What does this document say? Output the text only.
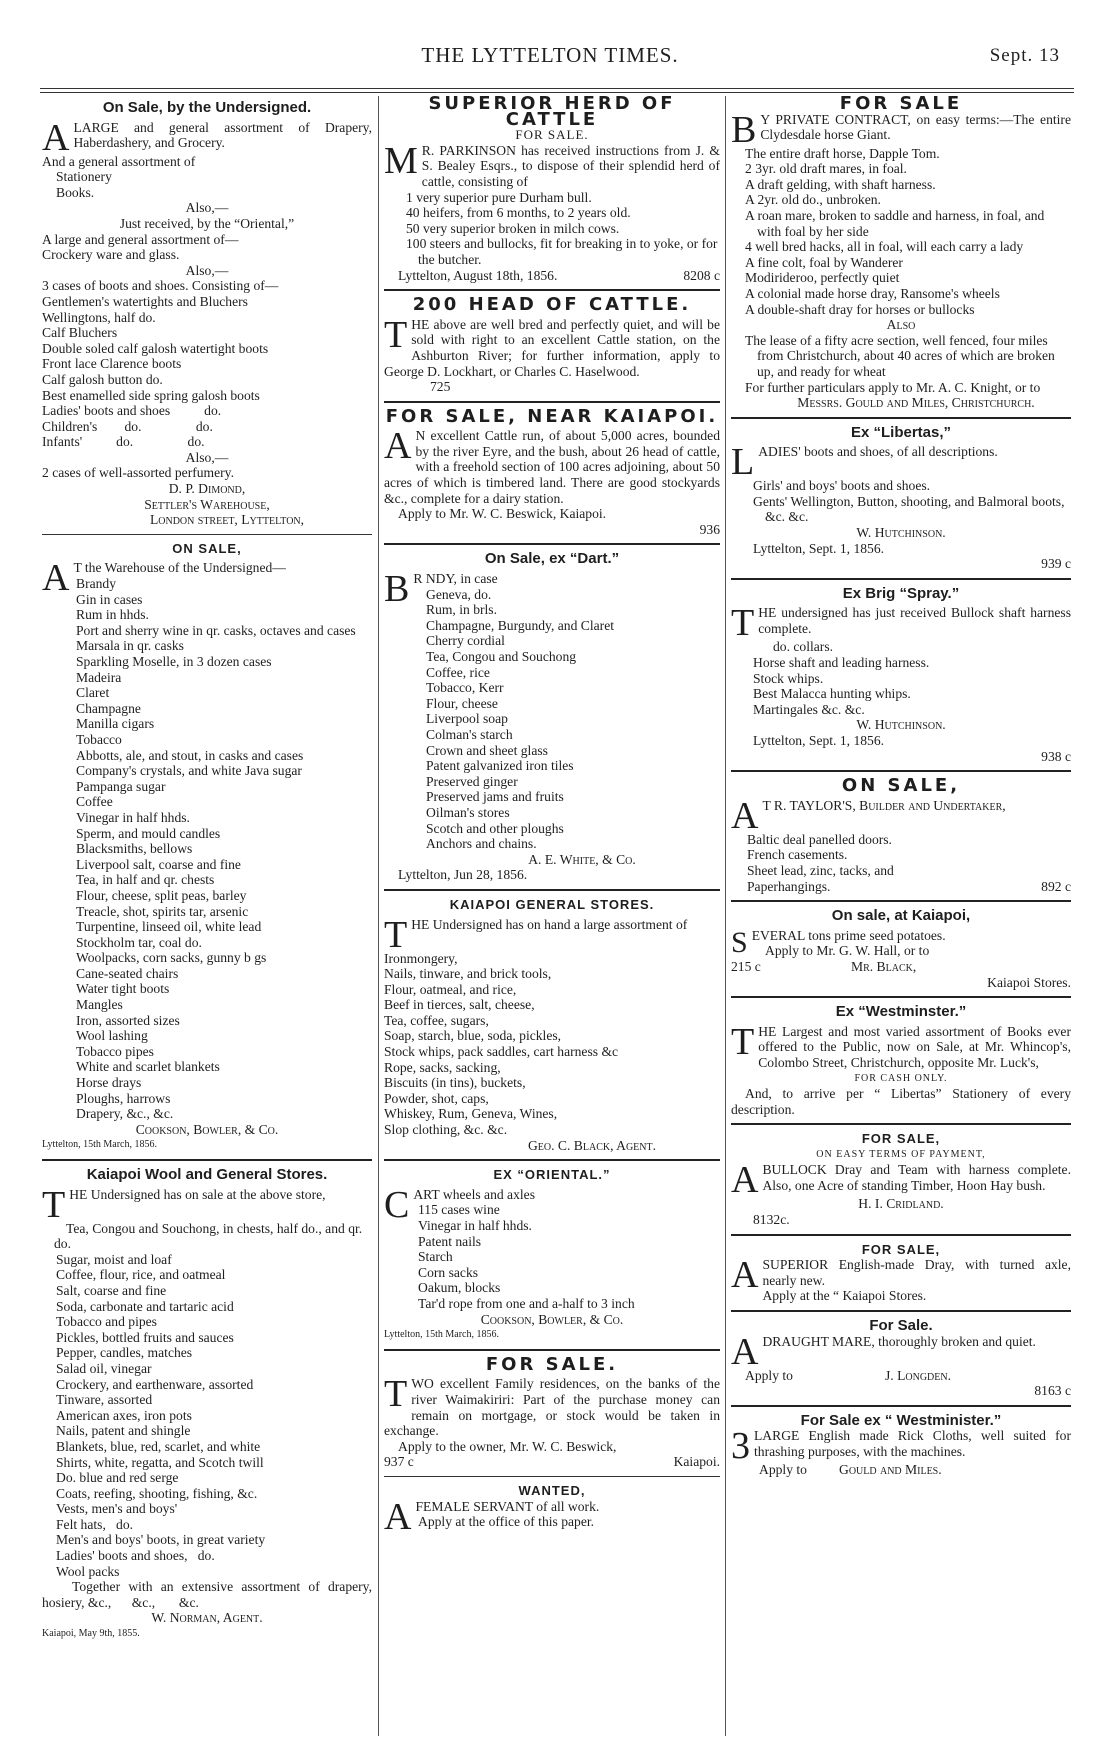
THE LYTTELTON TIMES.	Sept. 13
On Sale, by the Undersigned.
ALARGE and general assortment of Drapery, Haberdashery, and Grocery.
And a general assortment of
Stationery
Books.
Also,—
Just received, by the “Oriental,”
A large and general assortment of—
Crockery ware and glass.
Also,—
3 cases of boots and shoes. Consisting of—
Gentlemen's watertights and Bluchers
Wellingtons, half do.
Calf Bluchers
Double soled calf galosh watertight boots
Front lace Clarence boots
Calf galosh button do.
Best enamelled side spring galosh boots
Ladies' boots and shoes          do.
Children's        do.                do.
Infants'          do.                do.
Also,—
2 cases of well-assorted perfumery.
D. P. Dimond,
Settler's Warehouse,
London street, Lyttelton,
ON SALE,
A T the Warehouse of the Undersigned—
Brandy
Gin in cases
Rum in hhds.
Port and sherry wine in qr. casks, octaves and cases
Marsala in qr. casks
Sparkling Moselle, in 3 dozen cases
Madeira
Claret
Champagne
Manilla cigars
Tobacco
Abbotts, ale, and stout, in casks and cases
Company's crystals, and white Java sugar
Pampanga sugar
Coffee
Vinegar in half hhds.
Sperm, and mould candles
Blacksmiths, bellows
Liverpool salt, coarse and fine
Tea, in half and qr. chests
Flour, cheese, split peas, barley
Treacle, shot, spirits tar, arsenic
Turpentine, linseed oil, white lead
Stockholm tar, coal do.
Woolpacks, corn sacks, gunny b gs
Cane-seated chairs
Water tight boots
Mangles
Iron, assorted sizes
Wool lashing
Tobacco pipes
White and scarlet blankets
Horse drays
Ploughs, harrows
Drapery, &c., &c.
Cookson, Bowler, & Co.
Lyttelton, 15th March, 1856.
Kaiapoi Wool and General Stores.
THE Undersigned has on sale at the above store,
Tea, Congou and Souchong, in chests, half do., and qr. do.
Sugar, moist and loaf
Coffee, flour, rice, and oatmeal
Salt, coarse and fine
Soda, carbonate and tartaric acid
Tobacco and pipes
Pickles, bottled fruits and sauces
Pepper, candles, matches
Salad oil, vinegar
Crockery, and earthenware, assorted
Tinware, assorted
American axes, iron pots
Nails, patent and shingle
Blankets, blue, red, scarlet, and white
Shirts, white, regatta, and Scotch twill
Do. blue and red serge
Coats, reefing, shooting, fishing, &c.
Vests, men's and boys'
Felt hats,   do.
Men's and boys' boots, in great variety
Ladies' boots and shoes,   do.
Wool packs
Together with an extensive assortment of drapery, hosiery, &c.,      &c.,       &c.
W. Norman, Agent.
Kaiapoi, May 9th, 1855.
SUPERIOR HERD OF CATTLE
FOR SALE.
M R. PARKINSON has received instructions from J. & S. Bealey Esqrs., to dispose of their splendid herd of cattle, consisting of
1 very superior pure Durham bull.
40 heifers, from 6 months, to 2 years old.
50 very superior broken in milch cows.
100 steers and bullocks, fit for breaking in to yoke, or for the butcher.
Lyttelton, August 18th, 1856.	8208 c
200 HEAD OF CATTLE.
THE above are well bred and perfectly quiet, and will be sold with right to an excellent Cattle station, on the Ashburton River; for further information, apply to George D. Lockhart, or Charles C. Haselwood.
725
FOR SALE, NEAR KAIAPOI.
A N excellent Cattle run, of about 5,000 acres, bounded by the river Eyre, and the bush, about 26 head of cattle, with a freehold section of 100 acres adjoining, about 50 acres of which is timbered land. There are good stockyards &c., complete for a dairy station.
Apply to Mr. W. C. Beswick, Kaiapoi.
936
On Sale, ex “Dart.”
B R NDY, in case
Geneva, do.
Rum, in brls.
Champagne, Burgundy, and Claret
Cherry cordial
Tea, Congou and Souchong
Coffee, rice
Tobacco, Kerr
Flour, cheese
Liverpool soap
Colman's starch
Crown and sheet glass
Patent galvanized iron tiles
Preserved ginger
Preserved jams and fruits
Oilman's stores
Scotch and other ploughs
Anchors and chains.
A. E. White, & Co.
Lyttelton, Jun 28, 1856.
KAIAPOI GENERAL STORES.
THE Undersigned has on hand a large assortment of
Ironmongery,
Nails, tinware, and brick tools,
Flour, oatmeal, and rice,
Beef in tierces, salt, cheese,
Tea, coffee, sugars,
Soap, starch, blue, soda, pickles,
Stock whips, pack saddles, cart harness &c
Rope, sacks, sacking,
Biscuits (in tins), buckets,
Powder, shot, caps,
Whiskey, Rum, Geneva, Wines,
Slop clothing, &c. &c.
Geo. C. Black, Agent.
EX “ORIENTAL.”
CART wheels and axles
115 cases wine
Vinegar in half hhds.
Patent nails
Starch
Corn sacks
Oakum, blocks
Tar'd rope from one and a-half to 3 inch
Cookson, Bowler, & Co.
Lyttelton, 15th March, 1856.
FOR SALE.
TWO excellent Family residences, on the banks of the river Waimakiriri: Part of the purchase money can remain on mortgage, or stock would be taken in exchange.
Apply to the owner, Mr. W. C. Beswick,
937 c	Kaiapoi.
WANTED,
AFEMALE SERVANT of all work.
Apply at the office of this paper.
FOR SALE
B Y PRIVATE CONTRACT, on easy terms:—The entire Clydesdale horse Giant.
The entire draft horse, Dapple Tom.
2 3yr. old draft mares, in foal.
A draft gelding, with shaft harness.
A 2yr. old do., unbroken.
A roan mare, broken to saddle and harness, in foal, and with foal by her side
4 well bred hacks, all in foal, will each carry a lady
A fine colt, foal by Wanderer
Modirideroo, perfectly quiet
A colonial made horse dray, Ransome's wheels
A double-shaft dray for horses or bullocks
Also
The lease of a fifty acre section, well fenced, four miles from Christchurch, about 40 acres of which are broken up, and ready for wheat
For further particulars apply to Mr. A. C. Knight, or to
Messrs. Gould and Miles, Christchurch.
Ex “Libertas,”
LADIES' boots and shoes, of all descriptions.
Girls' and boys' boots and shoes.
Gents' Wellington, Button, shooting, and Balmoral boots, &c. &c.
W. Hutchinson.
Lyttelton, Sept. 1, 1856.
939 c
Ex Brig “Spray.”
THE undersigned has just received Bullock shaft harness complete.
do. collars.
Horse shaft and leading harness.
Stock whips.
Best Malacca hunting whips.
Martingales &c. &c.
W. Hutchinson.
Lyttelton, Sept. 1, 1856.
938 c
ON SALE,
A T R. TAYLOR'S, Builder and Undertaker,
Baltic deal panelled doors.
French casements.
Sheet lead, zinc, tacks, and
Paperhangings.	892 c
On sale, at Kaiapoi,
SEVERAL tons prime seed potatoes.
Apply to Mr. G. W. Hall, or to
215 c	Mr. Black,
Kaiapoi Stores.
Ex “Westminster.”
THE Largest and most varied assortment of Books ever offered to the Public, now on Sale, at Mr. Whincop's, Colombo Street, Christchurch, opposite Mr. Luck's,
FOR CASH ONLY.
And, to arrive per “ Libertas” Stationery of every description.
FOR SALE,
ON EASY TERMS OF PAYMENT,
ABULLOCK Dray and Team with harness complete. Also, one Acre of standing Timber, Hoon Hay bush.
H. I. Cridland.
8132c.
FOR SALE,
ASUPERIOR English-made Dray, with turned axle, nearly new.
Apply at the “ Kaiapoi Stores.
For Sale.
ADRAUGHT MARE, thoroughly broken and quiet.
Apply to	J. Longden.
8163 c
For Sale ex “ Westminister.”
3 LARGE English made Rick Cloths, well suited for thrashing purposes, with the machines.
Apply to	Gould and Miles.
